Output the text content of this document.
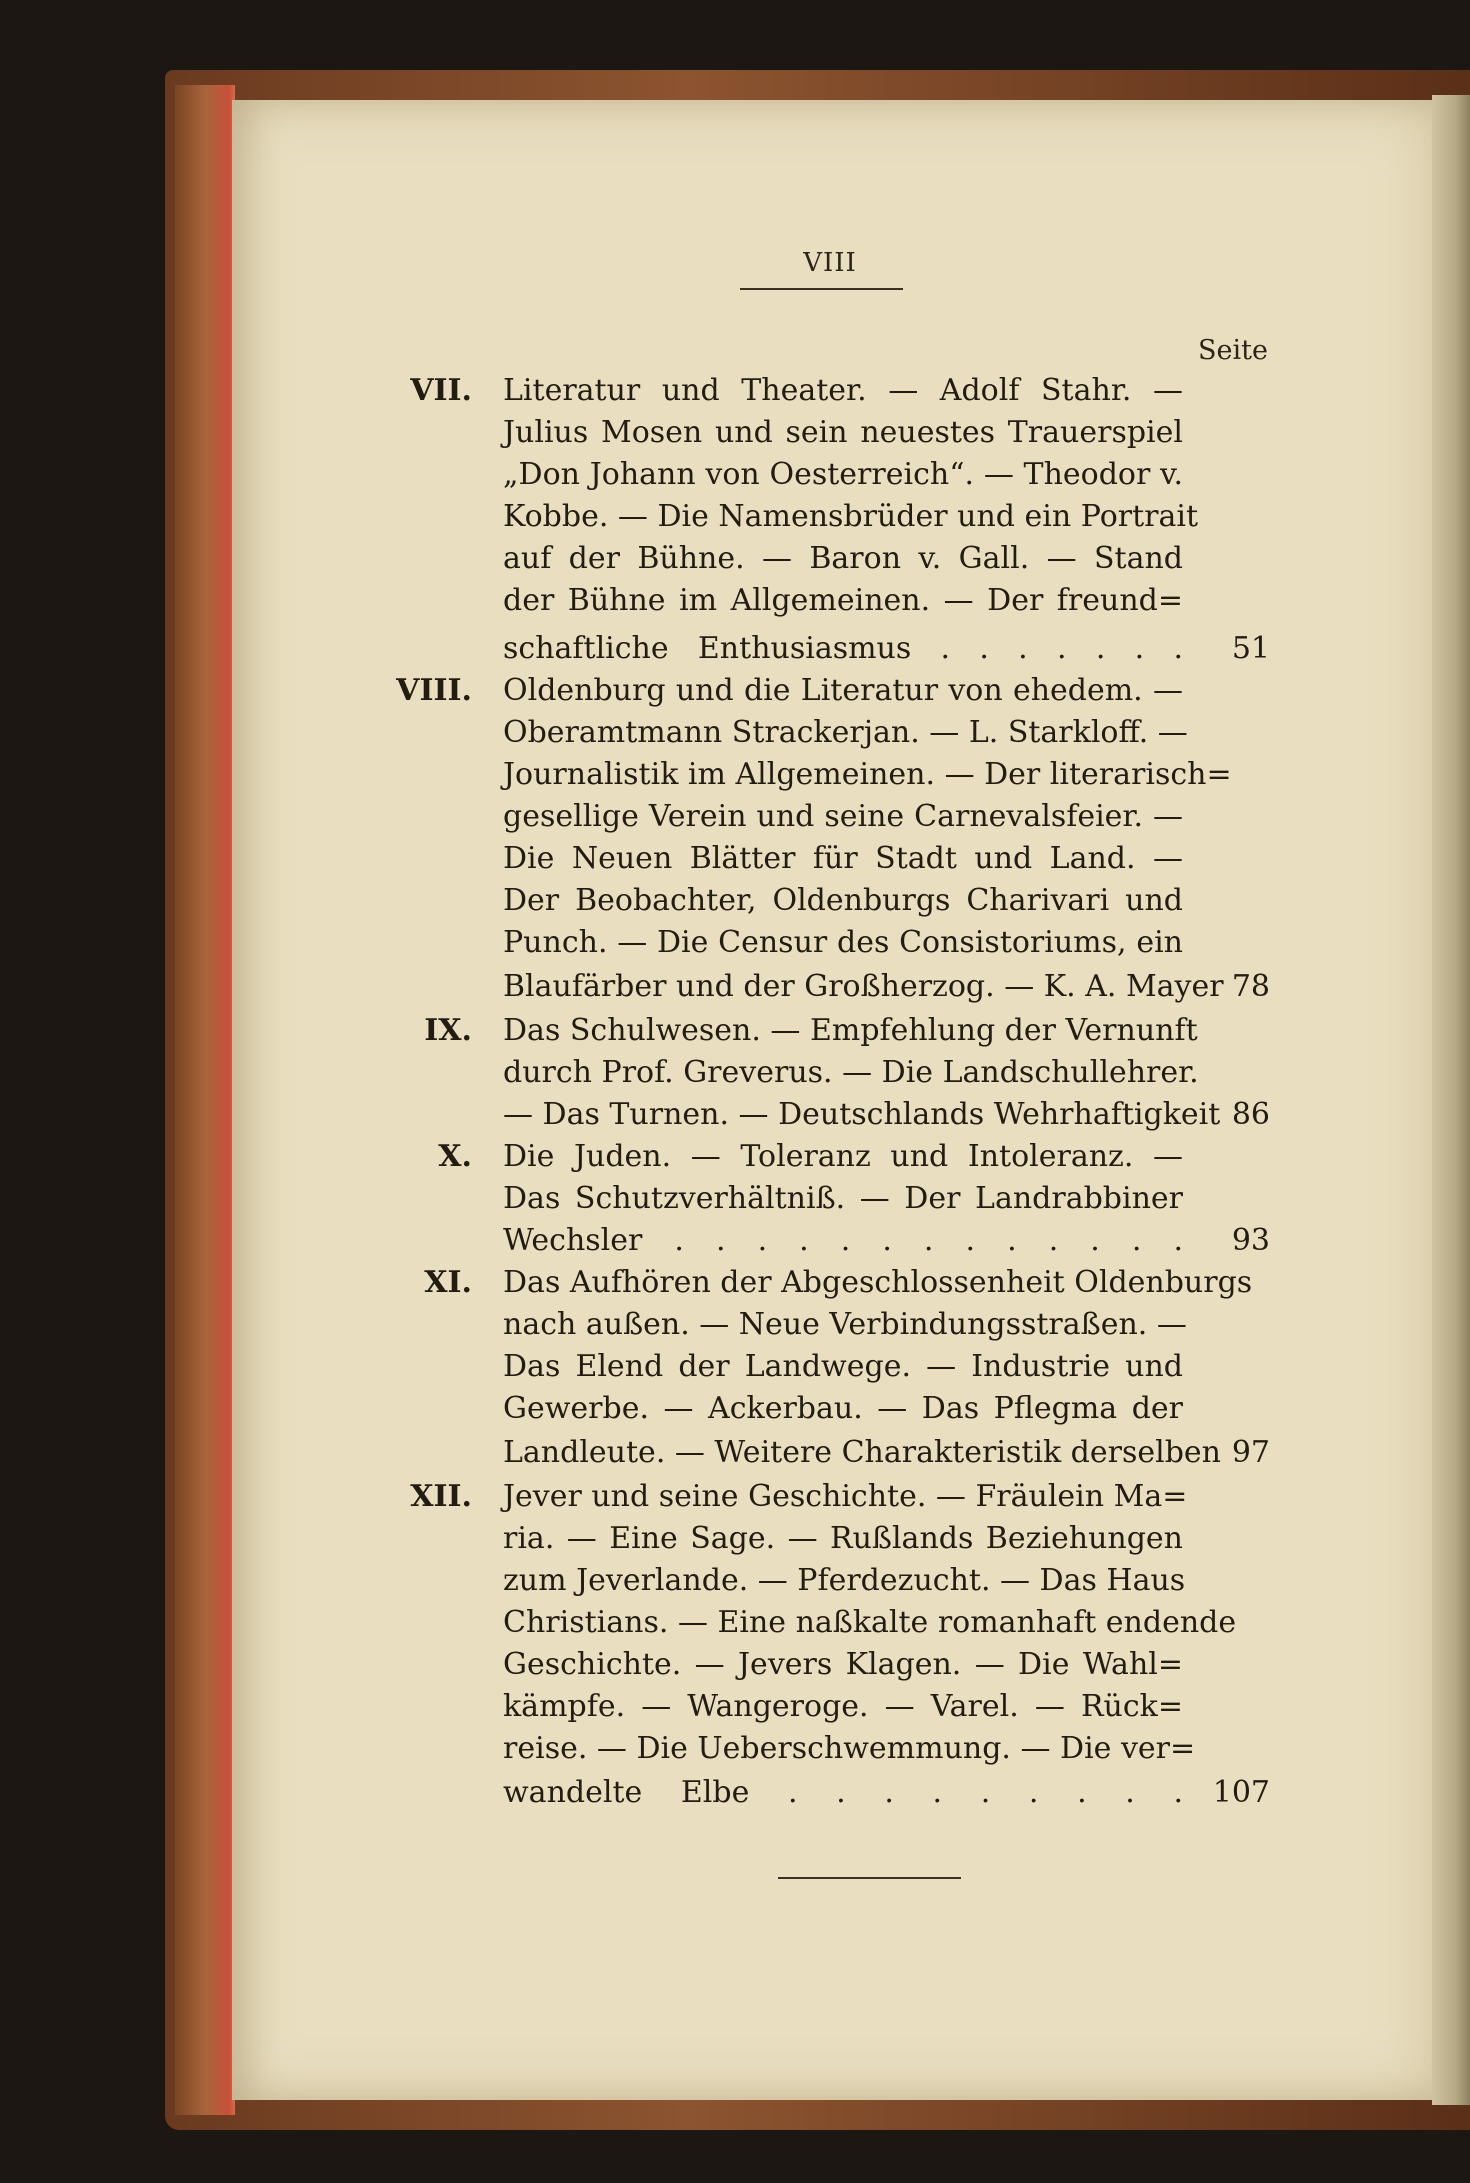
VIII
Seite
VII. Literatur und Theater. — Adolf Stahr. —
Julius Mosen und sein neuestes Trauerspiel
„Don Johann von Oesterreich“. — Theodor v.
Kobbe. — Die Namensbrüder und ein Portrait
auf der Bühne. — Baron v. Gall. — Stand
der Bühne im Allgemeinen. — Der freund=
schaftliche Enthusiasmus . . . . . . .	51
VIII. Oldenburg und die Literatur von ehedem. —
Oberamtmann Strackerjan. — L. Starkloff. —
Journalistik im Allgemeinen. — Der literarisch=
gesellige Verein und seine Carnevalsfeier. —
Die Neuen Blätter für Stadt und Land. —
Der Beobachter, Oldenburgs Charivari und
Punch. — Die Censur des Consistoriums, ein
Blaufärber und der Großherzog. — K. A. Mayer 78
IX. Das Schulwesen. — Empfehlung der Vernunft
durch Prof. Greverus. — Die Landschullehrer.
— Das Turnen. — Deutschlands Wehrhaftigkeit 86
X. Die Juden. — Toleranz und Intoleranz. —
Das Schutzverhältniß. — Der Landrabbiner
Wechsler . . . . . . . . . . . . .	93
XI. Das Aufhören der Abgeschlossenheit Oldenburgs
nach außen. — Neue Verbindungsstraßen. —
Das Elend der Landwege. — Industrie und
Gewerbe. — Ackerbau. — Das Pflegma der
Landleute. — Weitere Charakteristik derselben 97
XII. Jever und seine Geschichte. — Fräulein Ma=
ria. — Eine Sage. — Rußlands Beziehungen
zum Jeverlande. — Pferdezucht. — Das Haus
Christians. — Eine naßkalte romanhaft endende
Geschichte. — Jevers Klagen. — Die Wahl=
kämpfe. — Wangeroge. — Varel. — Rück=
reise. — Die Ueberschwemmung. — Die ver=
wandelte Elbe . . . . . . . . . 107
